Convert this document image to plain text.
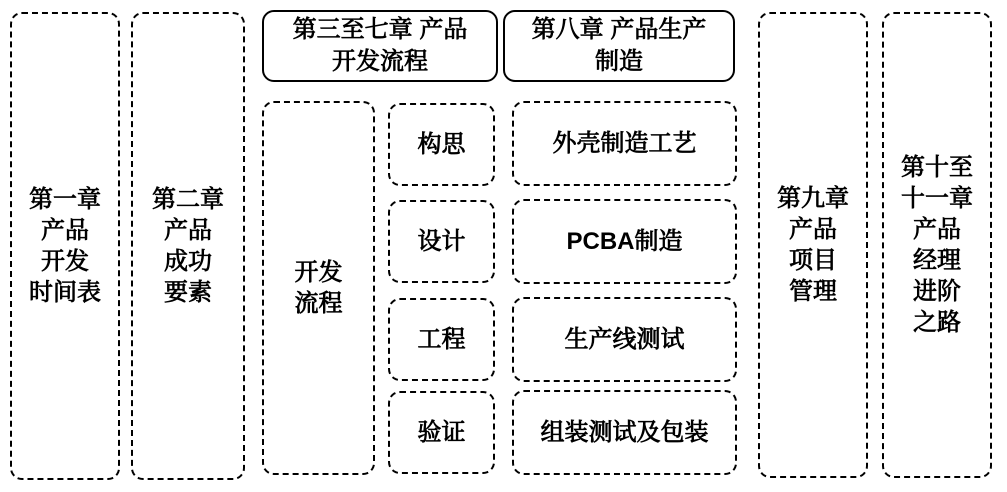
第一章
产品
开发
时间表
第二章
产品
成功
要素
第三至七章 产品
开发流程
第八章 产品生产
制造
开发
流程
构思
设计
工程
验证
外壳制造工艺
PCBA制造
生产线测试
组装测试及包装
第九章
产品
项目
管理
第十至
十一章
产品
经理
进阶
之路
